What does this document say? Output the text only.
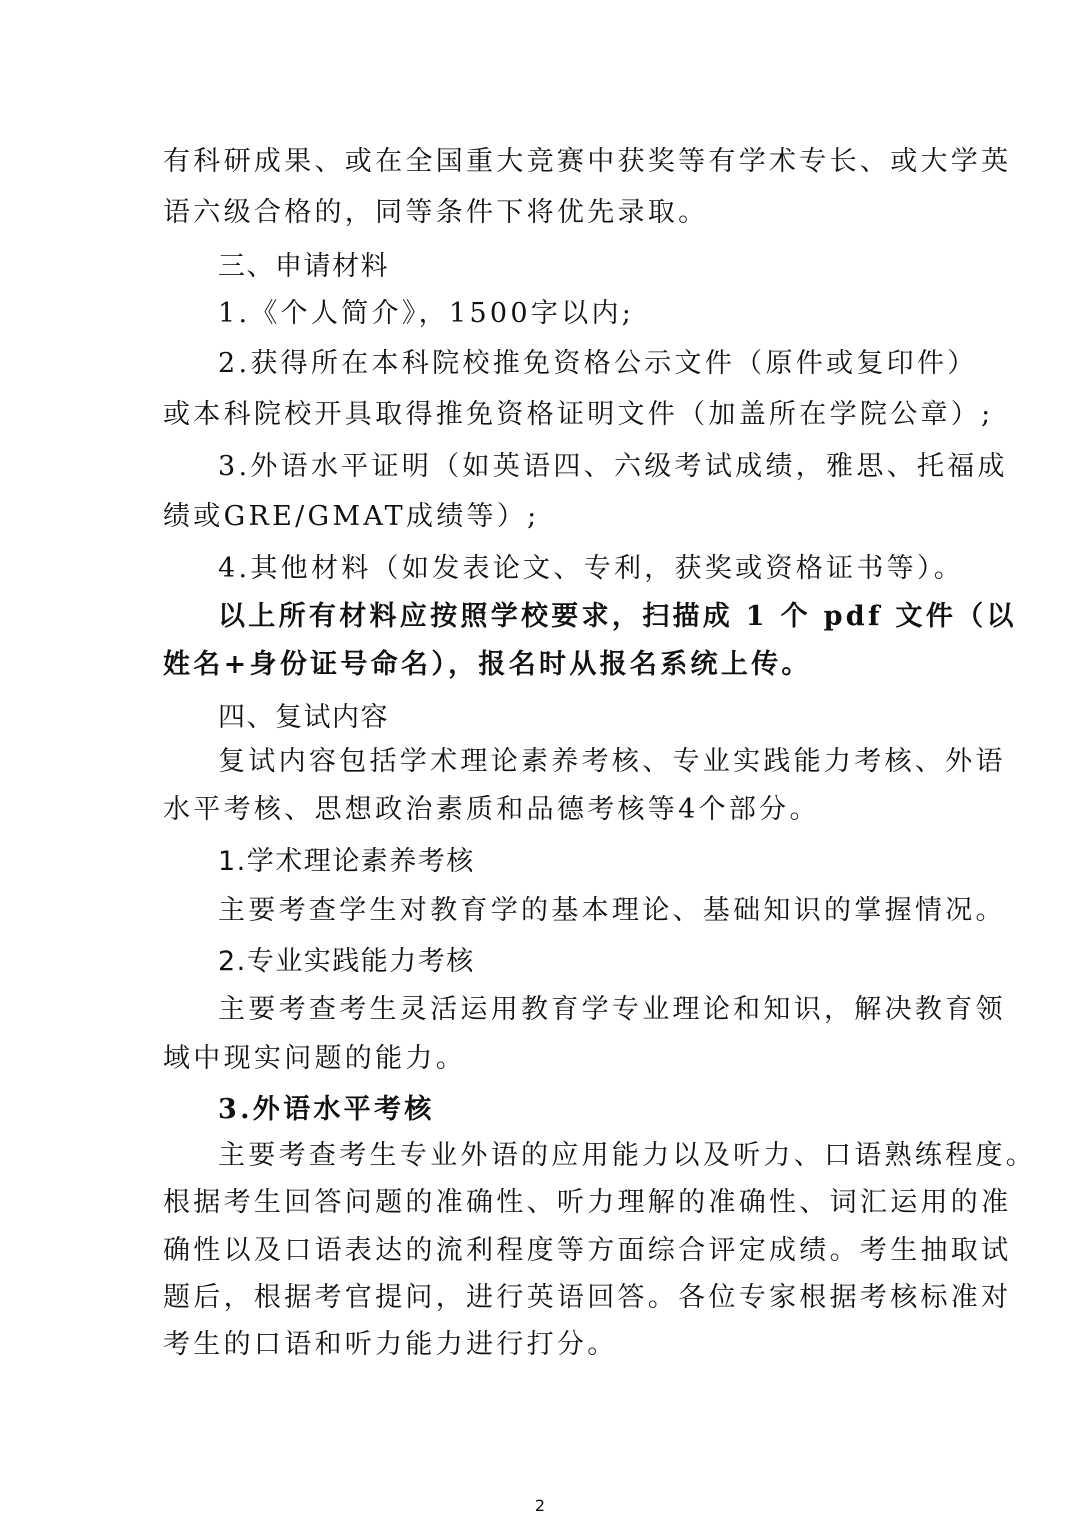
有科研成果、或在全国重大竞赛中获奖等有学术专长、或大学英
语六级合格的，同等条件下将优先录取。
三、申请材料
1.《个人简介》，1500字以内;
2.获得所在本科院校推免资格公示文件（原件或复印件）
或本科院校开具取得推免资格证明文件（加盖所在学院公章）;
3.外语水平证明（如英语四、六级考试成绩，雅思、托福成
绩或GRE/GMAT成绩等）;
4.其他材料（如发表论文、专利，获奖或资格证书等）。
以上所有材料应按照学校要求，扫描成 1 个 pdf 文件（以
姓名+身份证号命名），报名时从报名系统上传。
四、复试内容
复试内容包括学术理论素养考核、专业实践能力考核、外语
水平考核、思想政治素质和品德考核等4个部分。
1.学术理论素养考核
主要考查学生对教育学的基本理论、基础知识的掌握情况。
2.专业实践能力考核
主要考查考生灵活运用教育学专业理论和知识，解决教育领
域中现实问题的能力。
3.外语水平考核
主要考查考生专业外语的应用能力以及听力、口语熟练程度。
根据考生回答问题的准确性、听力理解的准确性、词汇运用的准
确性以及口语表达的流利程度等方面综合评定成绩。考生抽取试
题后，根据考官提问，进行英语回答。各位专家根据考核标准对
考生的口语和听力能力进行打分。
2
